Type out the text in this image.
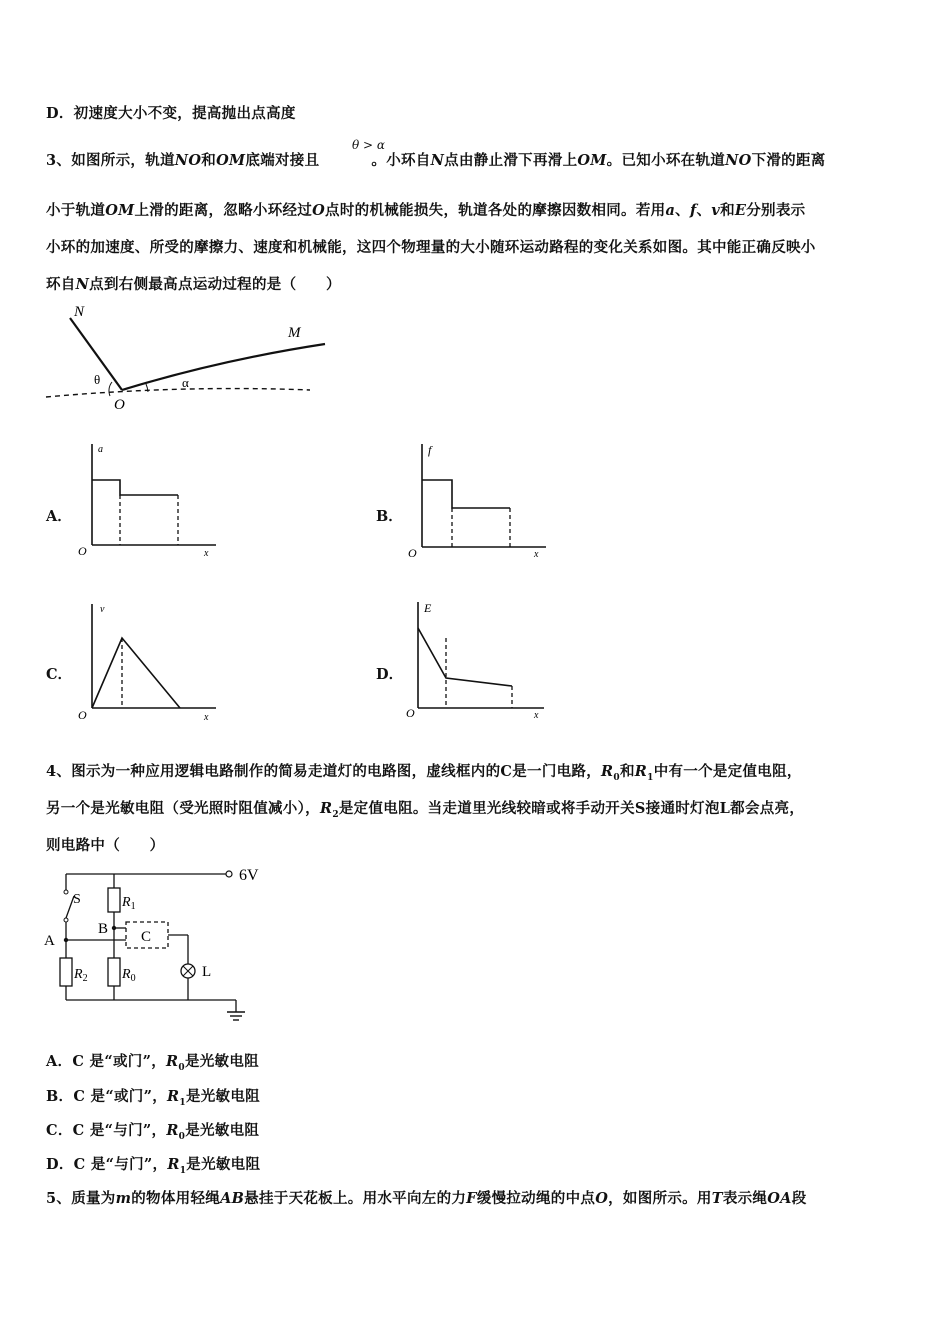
D．初速度大小不变，提高抛出点高度
3、如图所示，轨道NO和OM底端对接且	。小环自N点由静止滑下再滑上OM。已知小环在轨道NO下滑的距离
θ > α
小于轨道OM上滑的距离，忽略小环经过O点时的机械能损失，轨道各处的摩擦因数相同。若用a、f、v和E分别表示
小环的加速度、所受的摩擦力、速度和机械能，这四个物理量的大小随环运动路程的变化关系如图。其中能正确反映小
环自N点到右侧最高点运动过程的是（　　）
N
M
O
θ	α
A．
a
x
O
B．
f
x
O
C．
v
x
O
D．
E
x
O
4、图示为一种应用逻辑电路制作的简易走道灯的电路图，虚线框内的C是一门电路，$R_0$和$R_1$中有一个是定值电阻，
另一个是光敏电阻（受光照时阻值减小），$R_2$是定值电阻。当走道里光线较暗或将手动开关S接通时灯泡L都会点亮，
则电路中（　　）
6V
S
A
$R_2$
$R_1$
B
$R_0$
C
L
A．C 是“或门”，$R_0$是光敏电阻
B．C 是“或门”，$R_1$是光敏电阻
C．C 是“与门”，$R_0$是光敏电阻
D．C 是“与门”，$R_1$是光敏电阻
5、质量为m的物体用轻绳AB悬挂于天花板上。用水平向左的力F缓慢拉动绳的中点O，如图所示。用T表示绳OA段
